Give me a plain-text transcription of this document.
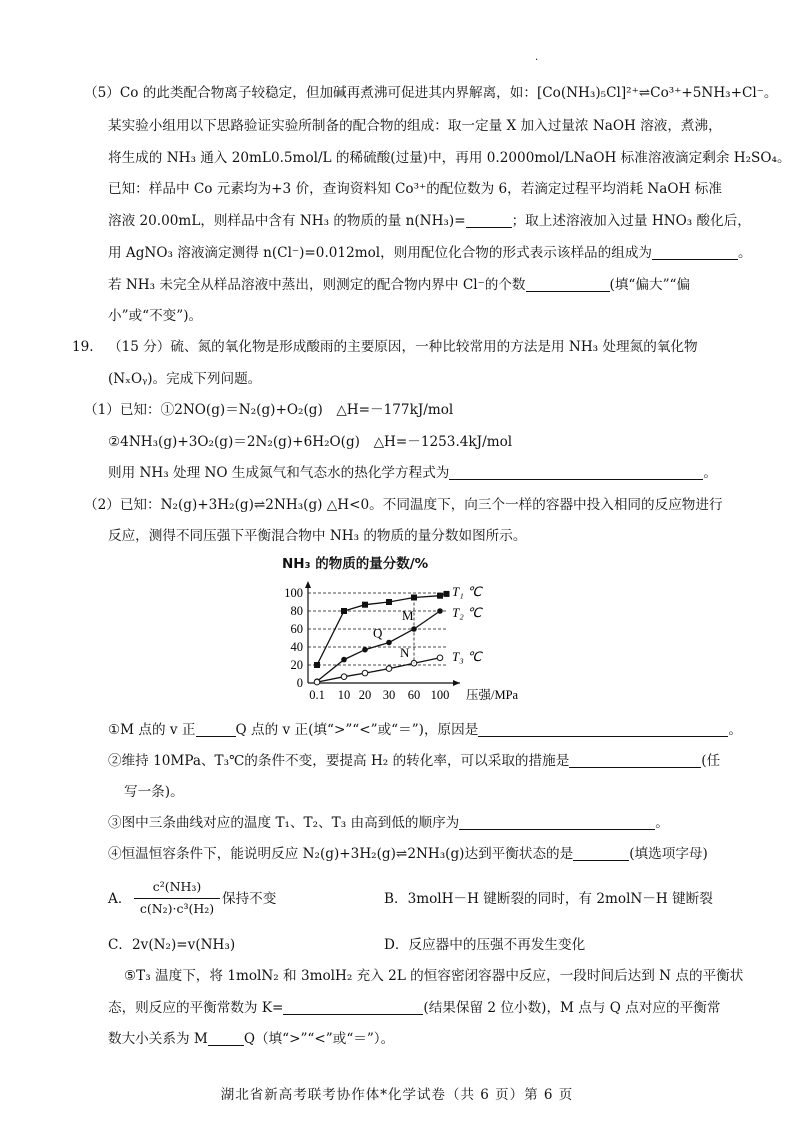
·
（5）Co 的此类配合物离子较稳定，但加碱再煮沸可促进其内界解离，如：[Co(NH₃)₅Cl]²⁺⇌Co³⁺+5NH₃+Cl⁻。
某实验小组用以下思路验证实验所制备的配合物的组成：取一定量 X 加入过量浓 NaOH 溶液，煮沸，
将生成的 NH₃ 通入 20mL0.5mol/L 的稀硫酸(过量)中，再用 0.2000mol/LNaOH 标准溶液滴定剩余 H₂SO₄。
已知：样品中 Co 元素均为+3 价，查询资料知 Co³⁺的配位数为 6，若滴定过程平均消耗 NaOH 标准
溶液 20.00mL，则样品中含有 NH₃ 的物质的量 n(NH₃)=	；取上述溶液加入过量 HNO₃ 酸化后，
用 AgNO₃ 溶液滴定测得 n(Cl⁻)=0.012mol，则用配位化合物的形式表示该样品的组成为	。
若 NH₃ 未完全从样品溶液中蒸出，则测定的配合物内界中 Cl⁻的个数	(填“偏大”“偏
小”或“不变”)。
19. （15 分）硫、氮的氧化物是形成酸雨的主要原因，一种比较常用的方法是用 NH₃ 处理氮的氧化物
(NₓOᵧ)。完成下列问题。
（1）已知：①2NO(g)＝N₂(g)+O₂(g)　△H=－177kJ/mol
②4NH₃(g)+3O₂(g)＝2N₂(g)+6H₂O(g)　△H=－1253.4kJ/mol
则用 NH₃ 处理 NO 生成氮气和气态水的热化学方程式为	。
（2）已知：N₂(g)+3H₂(g)⇌2NH₃(g) △H<0。不同温度下，向三个一样的容器中投入相同的反应物进行
反应，测得不同压强下平衡混合物中 NH₃ 的物质的量分数如图所示。
NH₃ 的物质的量分数/%
0
20
40
60
80
100
0.1 10 20 30 60 100 压强/MPa
T₁ ℃
T₂ ℃
T₃ ℃
Q
M
N
①M 点的 v 正	Q 点的 v 正(填“>”“<”或“＝”)，原因是	。
②维持 10MPa、T₃℃的条件不变，要提高 H₂ 的转化率，可以采取的措施是	(任
写一条)。
③图中三条曲线对应的温度 T₁、T₂、T₃ 由高到低的顺序为	。
④恒温恒容条件下，能说明反应 N₂(g)+3H₂(g)⇌2NH₃(g)达到平衡状态的是	(填选项字母)
A．
c²(NH₃)
c(N₂)·c³(H₂)
保持不变	B．3molH－H 键断裂的同时，有 2molN－H 键断裂
C．2v(N₂)=v(NH₃)	D．反应器中的压强不再发生变化
⑤T₃ 温度下，将 1molN₂ 和 3molH₂ 充入 2L 的恒容密闭容器中反应，一段时间后达到 N 点的平衡状
态，则反应的平衡常数为 K=	(结果保留 2 位小数)，M 点与 Q 点对应的平衡常
数大小关系为 M	Q（填“>”“<”或“＝”）。
湖北省新高考联考协作体*化学试卷（共 6 页）第 6 页
